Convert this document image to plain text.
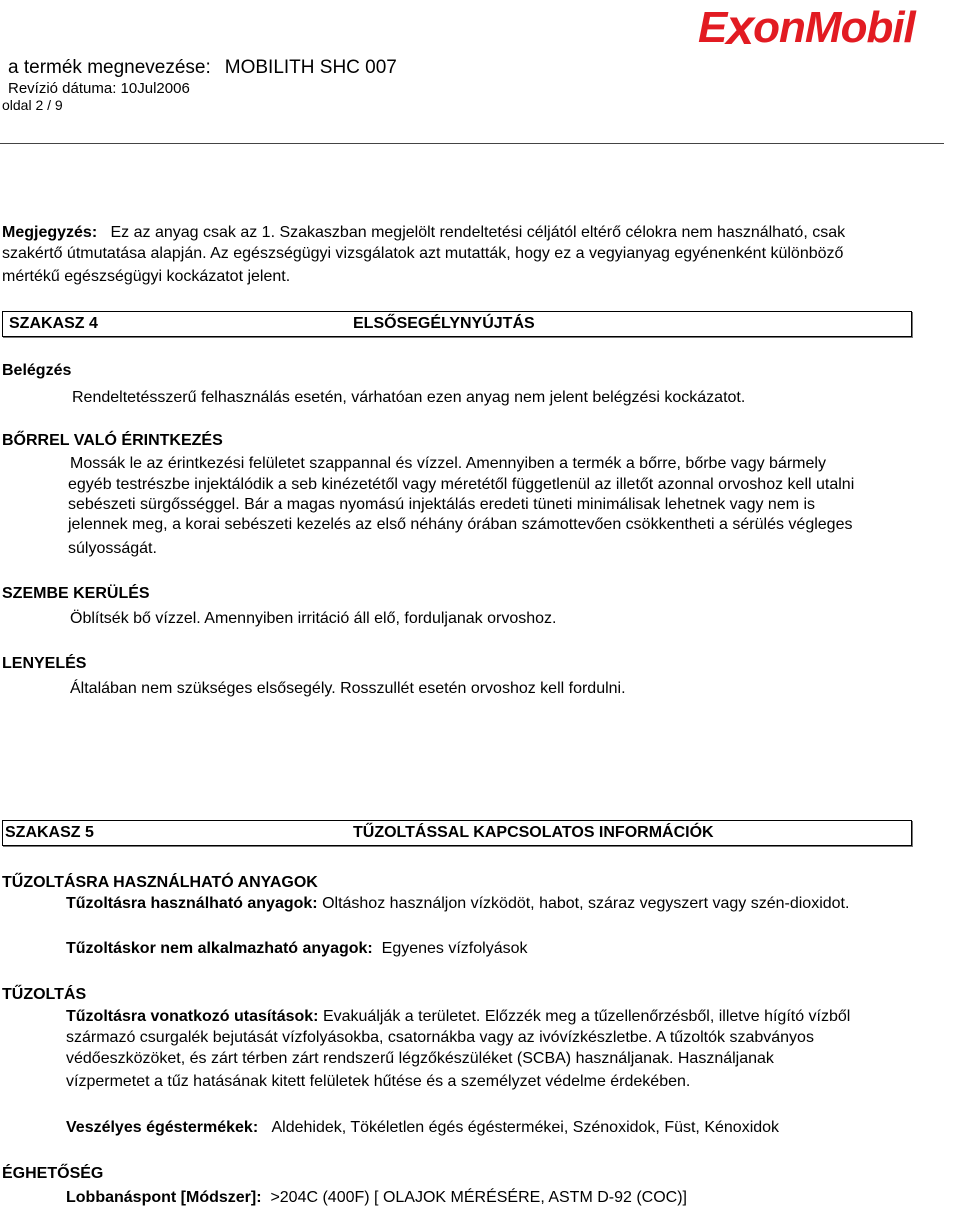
ExonMobil
a termék megnevezése: MOBILITH SHC 007
Revízió dátuma: 10Jul2006
oldal 2 / 9
Megjegyzés: Ez az anyag csak az 1. Szakaszban megjelölt rendeltetési céljától eltérő célokra nem használható, csak
szakértő útmutatása alapján. Az egészségügyi vizsgálatok azt mutatták, hogy ez a vegyianyag egyénenként különböző
mértékű egészségügyi kockázatot jelent.
SZAKASZ 4	ELSŐSEGÉLYNYÚJTÁS
Belégzés
Rendeltetésszerű felhasználás esetén, várhatóan ezen anyag nem jelent belégzési kockázatot.
BŐRREL VALÓ ÉRINTKEZÉS
Mossák le az érintkezési felületet szappannal és vízzel. Amennyiben a termék a bőrre, bőrbe vagy bármely
egyéb testrészbe injektálódik a seb kinézetétől vagy méretétől függetlenül az illetőt azonnal orvoshoz kell utalni
sebészeti sürgősséggel. Bár a magas nyomású injektálás eredeti tüneti minimálisak lehetnek vagy nem is
jelennek meg, a korai sebészeti kezelés az első néhány órában számottevően csökkentheti a sérülés végleges
súlyosságát.
SZEMBE KERÜLÉS
Öblítsék bő vízzel. Amennyiben irritáció áll elő, forduljanak orvoshoz.
LENYELÉS
Általában nem szükséges elsősegély. Rosszullét esetén orvoshoz kell fordulni.
SZAKASZ 5	TŰZOLTÁSSAL KAPCSOLATOS INFORMÁCIÓK
TŰZOLTÁSRA HASZNÁLHATÓ ANYAGOK
Tűzoltásra használható anyagok: Oltáshoz használjon vízködöt, habot, száraz vegyszert vagy szén-dioxidot.
Tűzoltáskor nem alkalmazható anyagok: Egyenes vízfolyások
TŰZOLTÁS
Tűzoltásra vonatkozó utasítások: Evakuálják a területet. Előzzék meg a tűzellenőrzésből, illetve hígító vízből
származó csurgalék bejutását vízfolyásokba, csatornákba vagy az ivóvízkészletbe. A tűzoltók szabványos
védőeszközöket, és zárt térben zárt rendszerű légzőkészüléket (SCBA) használjanak. Használjanak
vízpermetet a tűz hatásának kitett felületek hűtése és a személyzet védelme érdekében.
Veszélyes égéstermékek: Aldehidek, Tökéletlen égés égéstermékei, Szénoxidok, Füst, Kénoxidok
ÉGHETŐSÉG
Lobbanáspont [Módszer]: >204C (400F) [ OLAJOK MÉRÉSÉRE, ASTM D-92 (COC)]
